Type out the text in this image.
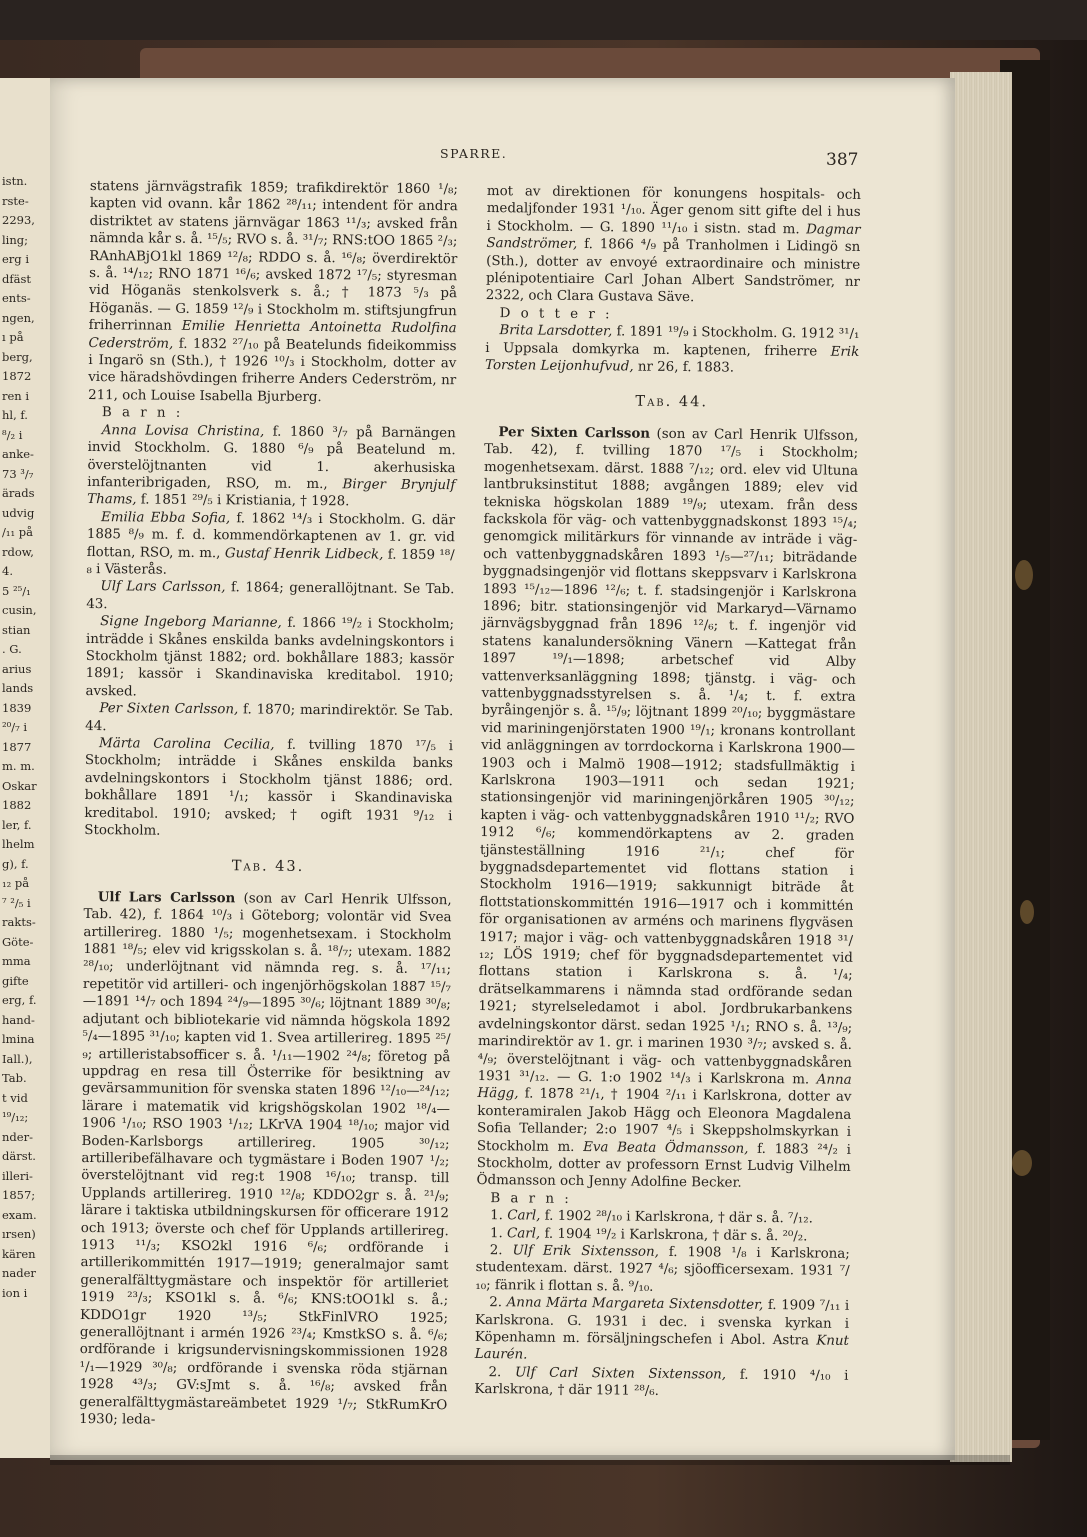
istn.
rste-
2293,
ling;
erg i
dfäst
ents-
ngen,
ı på
berg,
1872
ren i
hl, f.
⁸/₂ i
anke-
73 ³/₇
ärads
udvig
/₁₁ på
rdow,
4.
5 ²⁵/₁
cusin,
stian
. G.
arius
lands
1839
²⁰/₇ i
1877
m. m.
Oskar
1882
ler, f.
lhelm
g), f.
₁₂ på
⁷ ²/₅ i
rakts-
Göte-
mma
gifte
erg, f.
hand-
lmina
Iall.),
Tab.
t vid
¹⁹/₁₂;
nder-
därst.
illeri-
1857;
exam.
ırsen)
kären
nader
ion i
SPARRE.	387

statens järnvägstrafik 1859; trafikdirektör 1860 ¹/₈; kapten vid ovann. kår 1862 ²⁸/₁₁; intendent för andra distriktet av statens järnvägar 1863 ¹¹/₃; avsked från nämnda kår s. å. ¹⁵/₅; RVO s. å. ³¹/₇; RNS:tOO 1865 ²/₃; RAnhABjO1kl 1869 ¹²/₈; RDDO s. å. ¹⁶/₈; överdirektör s. å. ¹⁴/₁₂; RNO 1871 ¹⁶/₆; avsked 1872 ¹⁷/₅; styresman vid Höganäs stenkolsverk s. å.; † 1873 ⁵/₃ på Höganäs. — G. 1859 ¹²/₉ i Stockholm m. stiftsjungfrun friherrinnan Emilie Henrietta Antoinetta Rudolfina Cederström, f. 1832 ²⁷/₁₀ på Beatelunds fideikommiss i Ingarö sn (Sth.), † 1926 ¹⁰/₃ i Stockholm, dotter av vice häradshövdingen friherre Anders Cederström, nr 211, och Louise Isabella Bjurberg.

B a r n :

Anna Lovisa Christina, f. 1860 ³/₇ på Barnängen invid Stockholm. G. 1880 ⁶/₉ på Beatelund m. överstelöjtnanten vid 1. akerhusiska infanteribrigaden, RSO, m. m., Birger Brynjulf Thams, f. 1851 ²⁹/₅ i Kristiania, † 1928.

Emilia Ebba Sofia, f. 1862 ¹⁴/₃ i Stockholm. G. där 1885 ⁸/₉ m. f. d. kommendörkaptenen av 1. gr. vid flottan, RSO, m. m., Gustaf Henrik Lidbeck, f. 1859 ¹⁸/₈ i Västerås.

Ulf Lars Carlsson, f. 1864; generallöjtnant. Se Tab. 43.

Signe Ingeborg Marianne, f. 1866 ¹⁹/₂ i Stockholm; inträdde i Skånes enskilda banks avdelningskontors i Stockholm tjänst 1882; ord. bokhållare 1883; kassör 1891; kassör i Skandinaviska kreditabol. 1910; avsked.

Per Sixten Carlsson, f. 1870; marindirektör. Se Tab. 44.

Märta Carolina Cecilia, f. tvilling 1870 ¹⁷/₅ i Stockholm; inträdde i Skånes enskilda banks avdelningskontors i Stockholm tjänst 1886; ord. bokhållare 1891 ¹/₁; kassör i Skandinaviska kreditabol. 1910; avsked; † ogift 1931 ⁹/₁₂ i Stockholm.

Tab. 43.

Ulf Lars Carlsson (son av Carl Henrik Ulfsson, Tab. 42), f. 1864 ¹⁰/₃ i Göteborg; volontär vid Svea artillerireg. 1880 ¹/₅; mogenhetsexam. i Stockholm 1881 ¹⁸/₅; elev vid krigsskolan s. å. ¹⁸/₇; utexam. 1882 ²⁸/₁₀; underlöjtnant vid nämnda reg. s. å. ¹⁷/₁₁; repetitör vid artilleri- och ingenjörhögskolan 1887 ¹⁵/₇—1891 ¹⁴/₇ och 1894 ²⁴/₉—1895 ³⁰/₆; löjtnant 1889 ³⁰/₈; adjutant och bibliotekarie vid nämnda högskola 1892 ⁵/₄—1895 ³¹/₁₀; kapten vid 1. Svea artillerireg. 1895 ²⁵/₉; artilleristabsofficer s. å. ¹/₁₁—1902 ²⁴/₈; företog på uppdrag en resa till Österrike för besiktning av gevärsammunition för svenska staten 1896 ¹²/₁₀—²⁴/₁₂; lärare i matematik vid krigshögskolan 1902 ¹⁸/₄—1906 ¹/₁₀; RSO 1903 ¹/₁₂; LKrVA 1904 ¹⁸/₁₀; major vid Boden-Karlsborgs artillerireg. 1905 ³⁰/₁₂; artilleribefälhavare och tygmästare i Boden 1907 ¹/₂; överstelöjtnant vid reg:t 1908 ¹⁶/₁₀; transp. till Upplands artillerireg. 1910 ¹²/₈; KDDO2gr s. å. ²¹/₉; lärare i taktiska utbildningskursen för officerare 1912 och 1913; överste och chef för Upplands artillerireg. 1913 ¹¹/₃; KSO2kl 1916 ⁶/₆; ordförande i artillerikommittén 1917—1919; generalmajor samt generalfälttygmästare och inspektör för artilleriet 1919 ²³/₃; KSO1kl s. å. ⁶/₆; KNS:tOO1kl s. å.; KDDO1gr 1920 ¹³/₅; StkFinlVRO 1925; generallöjtnant i armén 1926 ²³/₄; KmstkSO s. å. ⁶/₆; ordförande i krigsundervisningskommissionen 1928 ¹/₁—1929 ³⁰/₈; ordförande i svenska röda stjärnan 1928 ⁴³/₃; GV:sJmt s. å. ¹⁶/₈; avsked från generalfälttygmästareämbetet 1929 ¹/₇; StkRumKrO 1930; leda-

mot av direktionen för konungens hospitals- och medaljfonder 1931 ¹/₁₀. Äger genom sitt gifte del i hus i Stockholm. — G. 1890 ¹¹/₁₀ i sistn. stad m. Dagmar Sandströmer, f. 1866 ⁴/₉ på Tranholmen i Lidingö sn (Sth.), dotter av envoyé extraordinaire och ministre plénipotentiaire Carl Johan Albert Sandströmer, nr 2322, och Clara Gustava Säve.

D o t t e r :

Brita Larsdotter, f. 1891 ¹⁹/₉ i Stockholm. G. 1912 ³¹/₁ i Uppsala domkyrka m. kaptenen, friherre Erik Torsten Leijonhufvud, nr 26, f. 1883.

Tab. 44.

Per Sixten Carlsson (son av Carl Henrik Ulfsson, Tab. 42), f. tvilling 1870 ¹⁷/₅ i Stockholm; mogenhetsexam. därst. 1888 ⁷/₁₂; ord. elev vid Ultuna lantbruksinstitut 1888; avgången 1889; elev vid tekniska högskolan 1889 ¹⁹/₉; utexam. från dess fackskola för väg- och vattenbyggnadskonst 1893 ¹⁵/₄; genomgick militärkurs för vinnande av inträde i väg- och vattenbyggnadskåren 1893 ¹/₅—²⁷/₁₁; biträdande byggnadsingenjör vid flottans skeppsvarv i Karlskrona 1893 ¹⁵/₁₂—1896 ¹²/₆; t. f. stadsingenjör i Karlskrona 1896; bitr. stationsingenjör vid Markaryd—Värnamo järnvägsbyggnad från 1896 ¹²/₆; t. f. ingenjör vid statens kanalundersökning Vänern —Kattegat från 1897 ¹⁹/₁—1898; arbetschef vid Alby vattenverksanläggning 1898; tjänstg. i väg- och vattenbyggnadsstyrelsen s. å. ¹/₄; t. f. extra byråingenjör s. å. ¹⁵/₉; löjtnant 1899 ²⁰/₁₀; byggmästare vid mariningenjörstaten 1900 ¹⁹/₁; kronans kontrollant vid anläggningen av torrdockorna i Karlskrona 1900—1903 och i Malmö 1908—1912; stadsfullmäktig i Karlskrona 1903—1911 och sedan 1921; stationsingenjör vid mariningenjörkåren 1905 ³⁰/₁₂; kapten i väg- och vattenbyggnadskåren 1910 ¹¹/₂; RVO 1912 ⁶/₆; kommendörkaptens av 2. graden tjänsteställning 1916 ²¹/₁; chef för byggnadsdepartementet vid flottans station i Stockholm 1916—1919; sakkunnigt biträde åt flottstationskommittén 1916—1917 och i kommittén för organisationen av arméns och marinens flygväsen 1917; major i väg- och vattenbyggnadskåren 1918 ³¹/₁₂; LÖS 1919; chef för byggnadsdepartementet vid flottans station i Karlskrona s. å. ¹/₄; drätselkammarens i nämnda stad ordförande sedan 1921; styrelseledamot i abol. Jordbrukarbankens avdelningskontor därst. sedan 1925 ¹/₁; RNO s. å. ¹³/₉; marindirektör av 1. gr. i marinen 1930 ³/₇; avsked s. å. ⁴/₉; överstelöjtnant i väg- och vattenbyggnadskåren 1931 ³¹/₁₂. — G. 1:o 1902 ¹⁴/₃ i Karlskrona m. Anna Hägg, f. 1878 ²¹/₁, † 1904 ²/₁₁ i Karlskrona, dotter av konteramiralen Jakob Hägg och Eleonora Magdalena Sofia Tellander; 2:o 1907 ⁴/₅ i Skeppsholmskyrkan i Stockholm m. Eva Beata Ödmansson, f. 1883 ²⁴/₂ i Stockholm, dotter av professorn Ernst Ludvig Vilhelm Ödmansson och Jenny Adolfine Becker.

B a r n :

1. Carl, f. 1902 ²⁸/₁₀ i Karlskrona, † där s. å. ⁷/₁₂.

1. Carl, f. 1904 ¹⁹/₂ i Karlskrona, † där s. å. ²⁰/₂.

2. Ulf Erik Sixtensson, f. 1908 ¹/₈ i Karlskrona; studentexam. därst. 1927 ⁴/₆; sjöofficersexam. 1931 ⁷/₁₀; fänrik i flottan s. å. ⁹/₁₀.

2. Anna Märta Margareta Sixtensdotter, f. 1909 ⁷/₁₁ i Karlskrona. G. 1931 i dec. i svenska kyrkan i Köpenhamn m. försäljningschefen i Abol. Astra Knut Laurén.

2. Ulf Carl Sixten Sixtensson, f. 1910 ⁴/₁₀ i Karlskrona, † där 1911 ²⁸/₆.
